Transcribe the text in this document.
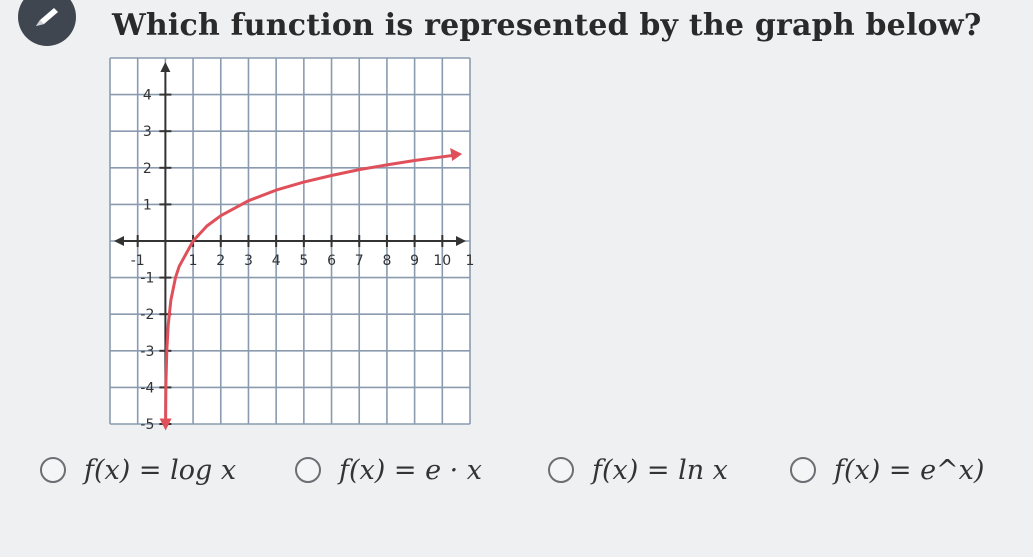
Which function is represented by the graph below?
-1	1 2 3 4 5 6 7 8 9 10 1
4
3
2
1
-1
-2
-3
-4
-5
f(x) = log x	f(x) = e · x	f(x) = ln x	f(x) = e^x)
